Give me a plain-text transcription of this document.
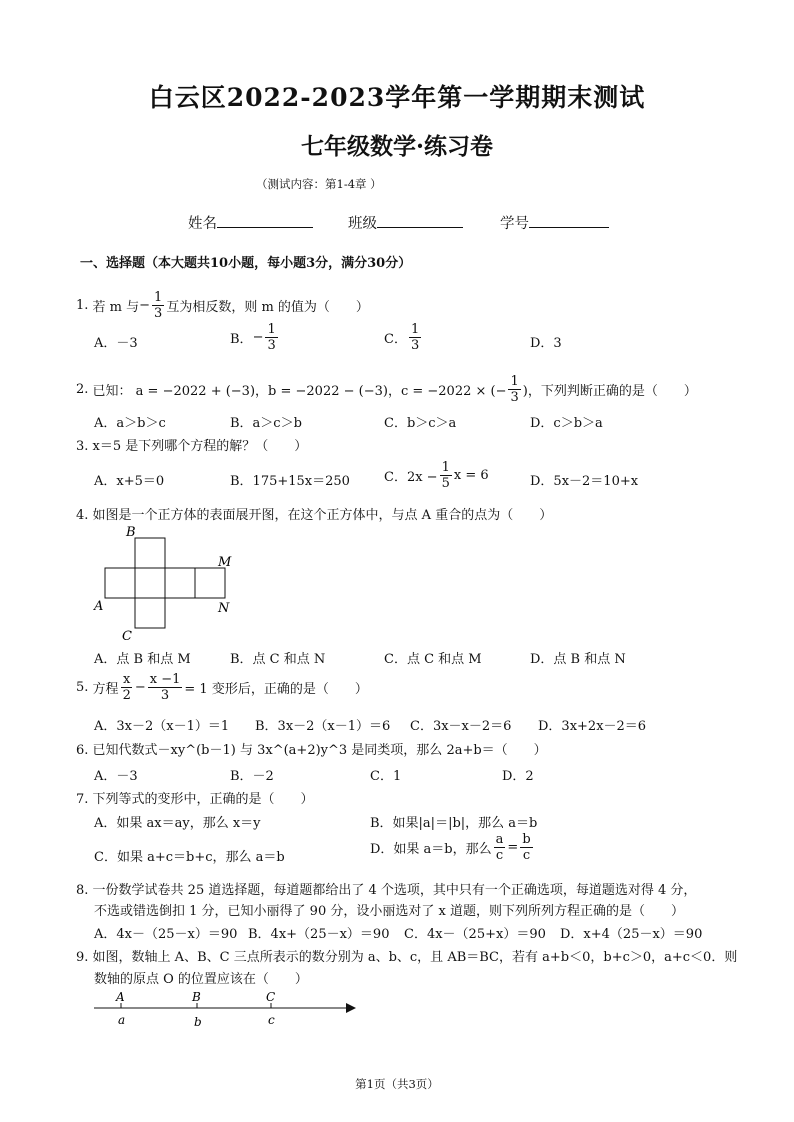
白云区2022-2023学年第一学期期末测试
七年级数学·练习卷
（测试内容：第1-4章 ）
姓名	班级	学号
一、选择题（本大题共10小题，每小题3分，满分30分）
1.
若 m 与 − $\frac{1}{3}$ 互为相反数，则 m 的值为（　　）
A．－3	B． − $\frac{1}{3}$	C． $\frac{1}{3}$	D．3
2.
已知： a = −2022 + (−3)，b = −2022 − (−3)，c = −2022 × (− $\frac{1}{3}$ )，下列判断正确的是（　　）
A．a＞b＞c	B．a＞c＞b	C．b＞c＞a	D．c＞b＞a
3. x＝5 是下列哪个方程的解？（　　）
A．x+5＝0	B．175+15x＝250	C．$2x - \frac{1}{5}$ x = 6	D．5x－2＝10+x
4. 如图是一个正方体的表面展开图，在这个正方体中，与点 A 重合的点为（　　）
B
M
A	N
C
A．点 B 和点 M	B．点 C 和点 N	C．点 C 和点 M	D．点 B 和点 N
5.
方程 $\frac{x}{2} - \frac{x -1}{3} = 1$ 变形后，正确的是（　　）
A．3x－2（x－1）＝1 B．3x－2（x－1）＝6 C．3x－x－2＝6 D．3x+2x－2＝6
6. 已知代数式－xy^(b－1) 与 3x^(a+2)y^3 是同类项，那么 2a+b＝（　　）
A．－3	B．－2	C．1	D．2
7. 下列等式的变形中，正确的是（　　）
A．如果 ax＝ay，那么 x＝y	B．如果|a|＝|b|，那么 a＝b
C．如果 a+c＝b+c，那么 a＝b
D．如果 a＝b，那么 $\frac{a}{c} = \frac{b}{c}$
8. 一份数学试卷共 25 道选择题，每道题都给出了 4 个选项，其中只有一个正确选项，每道题选对得 4 分，
不选或错选倒扣 1 分，已知小丽得了 90 分，设小丽选对了 x 道题，则下列所列方程正确的是（　　）
A．4x－（25－x）＝90 B．4x+（25－x）＝90 C．4x－（25+x）＝90 D．x+4（25－x）＝90
9. 如图，数轴上 A、B、C 三点所表示的数分别为 a、b、c，且 AB＝BC，若有 a+b＜0，b+c＞0，a+c＜0．则
数轴的原点 O 的位置应该在（　　）
A	B	C
a	b	c
第1页（共3页）
